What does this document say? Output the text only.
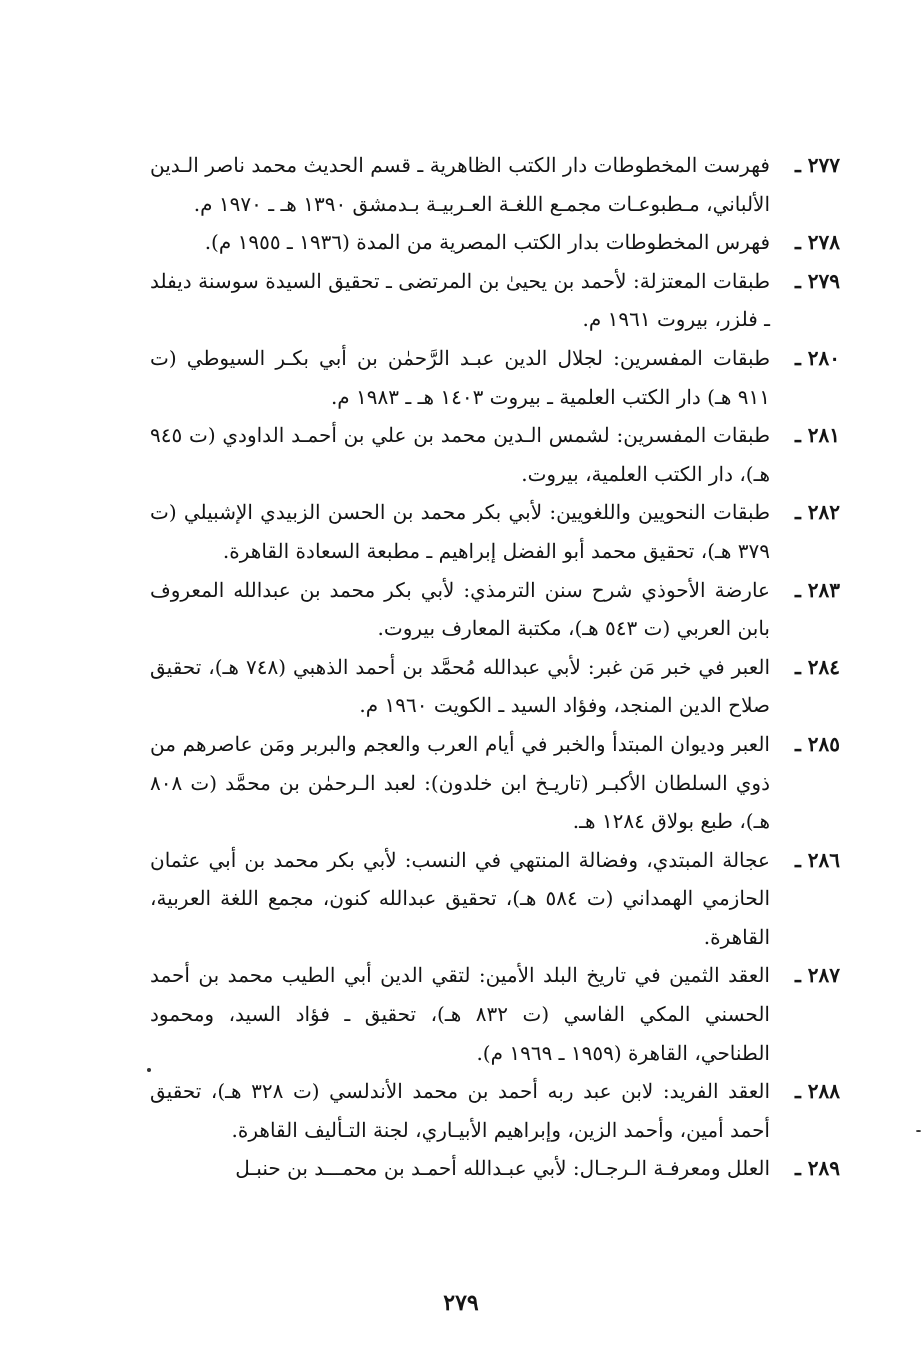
٢٧٧ ـ
فهرست المخطوطات دار الكتب الظاهرية ـ قسم الحديث محمد ناصر الـدين الألباني، مـطبوعـات مجمـع اللغـة العـربيـة بـدمشق ١٣٩٠ هـ ـ ١٩٧٠ م.
٢٧٨ ـ
فهرس المخطوطات بدار الكتب المصرية من المدة (١٩٣٦ ـ ١٩٥٥ م).
٢٧٩ ـ
طبقات المعتزلة: لأحمد بن يحيىٰ بن المرتضى ـ تحقيق السيدة سوسنة ديفلد ـ فلزر، بيروت ١٩٦١ م.
٢٨٠ ـ
طبقات المفسرين: لجلال الدين عبـد الرَّحمٰن بن أبي بكـر السيوطي (ت ٩١١ هـ) دار الكتب العلمية ـ بيروت ١٤٠٣ هـ ـ ١٩٨٣ م.
٢٨١ ـ
طبقات المفسرين: لشمس الـدين محمد بن علي بن أحمـد الداودي (ت ٩٤٥ هـ)، دار الكتب العلمية، بيروت.
٢٨٢ ـ
طبقات النحويين واللغويين: لأبي بكر محمد بن الحسن الزبيدي الإشبيلي (ت ٣٧٩ هـ)، تحقيق محمد أبو الفضل إبراهيم ـ مطبعة السعادة القاهرة.
٢٨٣ ـ
عارضة الأحوذي شرح سنن الترمذي: لأبي بكر محمد بن عبدالله المعروف بابن العربي (ت ٥٤٣ هـ)، مكتبة المعارف بيروت.
٢٨٤ ـ
العبر في خبر مَن غبر: لأبي عبدالله مُحمَّد بن أحمد الذهبي (٧٤٨ هـ)، تحقيق صلاح الدين المنجد، وفؤاد السيد ـ الكويت ١٩٦٠ م.
٢٨٥ ـ
العبر وديوان المبتدأ والخبر في أيام العرب والعجم والبربر ومَن عاصرهم من ذوي السلطان الأكبـر (تاريـخ ابن خلدون): لعبد الـرحمٰن بن محمَّد (ت ٨٠٨ هـ)، طبع بولاق ١٢٨٤ هـ.
٢٨٦ ـ
عجالة المبتدي، وفضالة المنتهي في النسب: لأبي بكر محمد بن أبي عثمان الحازمي الهمداني (ت ٥٨٤ هـ)، تحقيق عبدالله كنون، مجمع اللغة العربية، القاهرة.
٢٨٧ ـ
العقد الثمين في تاريخ البلد الأمين: لتقي الدين أبي الطيب محمد بن أحمد الحسني المكي الفاسي (ت ٨٣٢ هـ)، تحقيق ـ فؤاد السيد، ومحمود الطناحي، القاهرة (١٩٥٩ ـ ١٩٦٩ م).
٢٨٨ ـ
العقد الفريد: لابن عبد ربه أحمد بن محمد الأندلسي (ت ٣٢٨ هـ)، تحقيق أحمد أمين، وأحمد الزين، وإبراهيم الأبيـاري، لجنة التـأليف القاهرة.
٢٨٩ ـ
العلل ومعرفـة الـرجـال: لأبي عبـدالله أحمـد بن محمـــد بن حنبـل
٢٧٩
